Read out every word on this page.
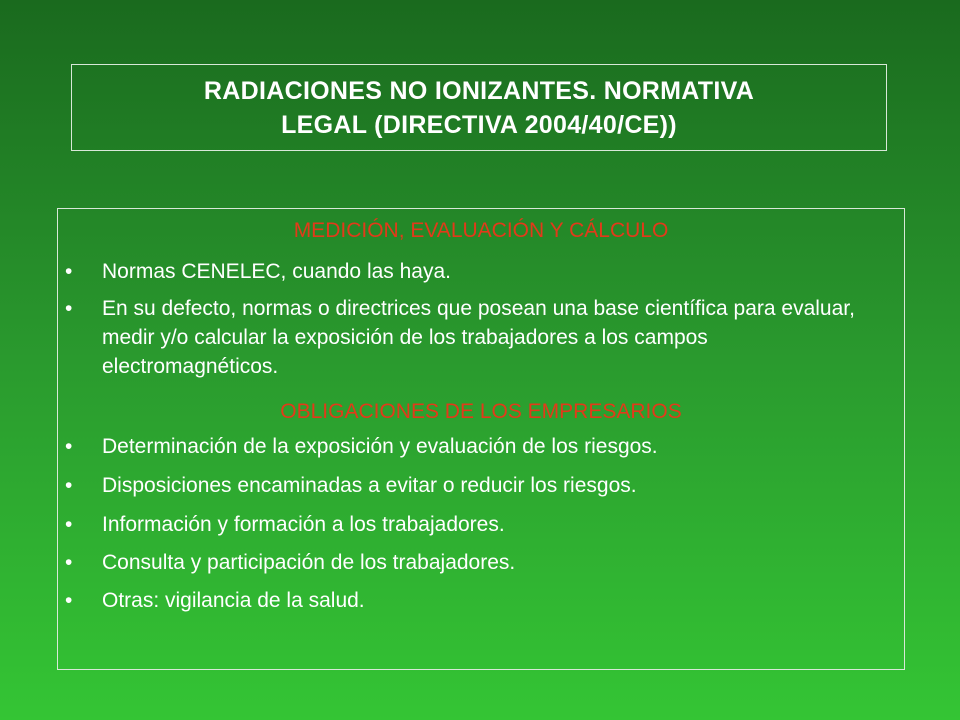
RADIACIONES NO IONIZANTES. NORMATIVA
LEGAL (DIRECTIVA 2004/40/CE))
MEDICIÓN, EVALUACIÓN Y CÁLCULO
•	Normas CENELEC, cuando las haya.
•	En su defecto, normas o directrices que posean una base científica para evaluar, medir y/o calcular la exposición de los trabajadores a los campos electromagnéticos.
OBLIGACIONES DE LOS EMPRESARIOS
•	Determinación de la exposición y evaluación de los riesgos.
•	Disposiciones encaminadas a evitar o reducir los riesgos.
•	Información y formación a los trabajadores.
•	Consulta y participación de los trabajadores.
•	Otras: vigilancia de la salud.
